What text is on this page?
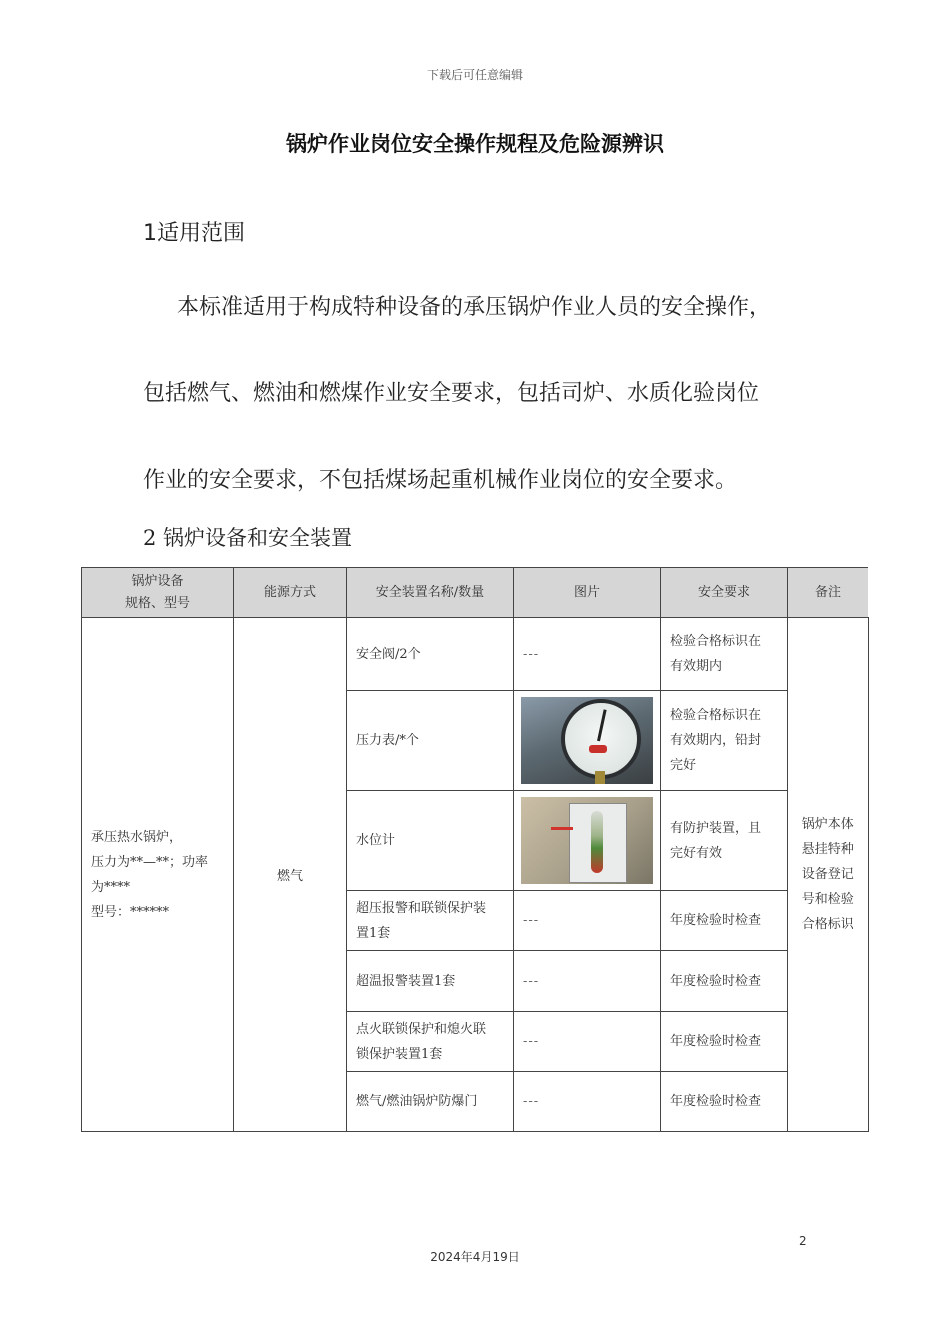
下载后可任意编辑
锅炉作业岗位安全操作规程及危险源辨识
1适用范围
本标准适用于构成特种设备的承压锅炉作业人员的安全操作，
包括燃气、燃油和燃煤作业安全要求，包括司炉、水质化验岗位
作业的安全要求，不包括煤场起重机械作业岗位的安全要求。
2 锅炉设备和安全装置
锅炉设备
规格、型号	能源方式	安全装置名称/数量	图片	安全要求	备注
承压热水锅炉，
压力为**—**；功率
为****
型号：******	燃气	安全阀/2个	---	检验合格标识在
有效期内	锅炉本体
悬挂特种
设备登记
号和检验
合格标识
		压力表/*个		检验合格标识在
有效期内，铅封
完好	
		水位计		有防护装置，且
完好有效	
		超压报警和联锁保护装
置1套	---	年度检验时检查	
		超温报警装置1套	---	年度检验时检查	
		点火联锁保护和熄火联
锁保护装置1套	---	年度检验时检查	
		燃气/燃油锅炉防爆门	---	年度检验时检查	
2
2024年4月19日
